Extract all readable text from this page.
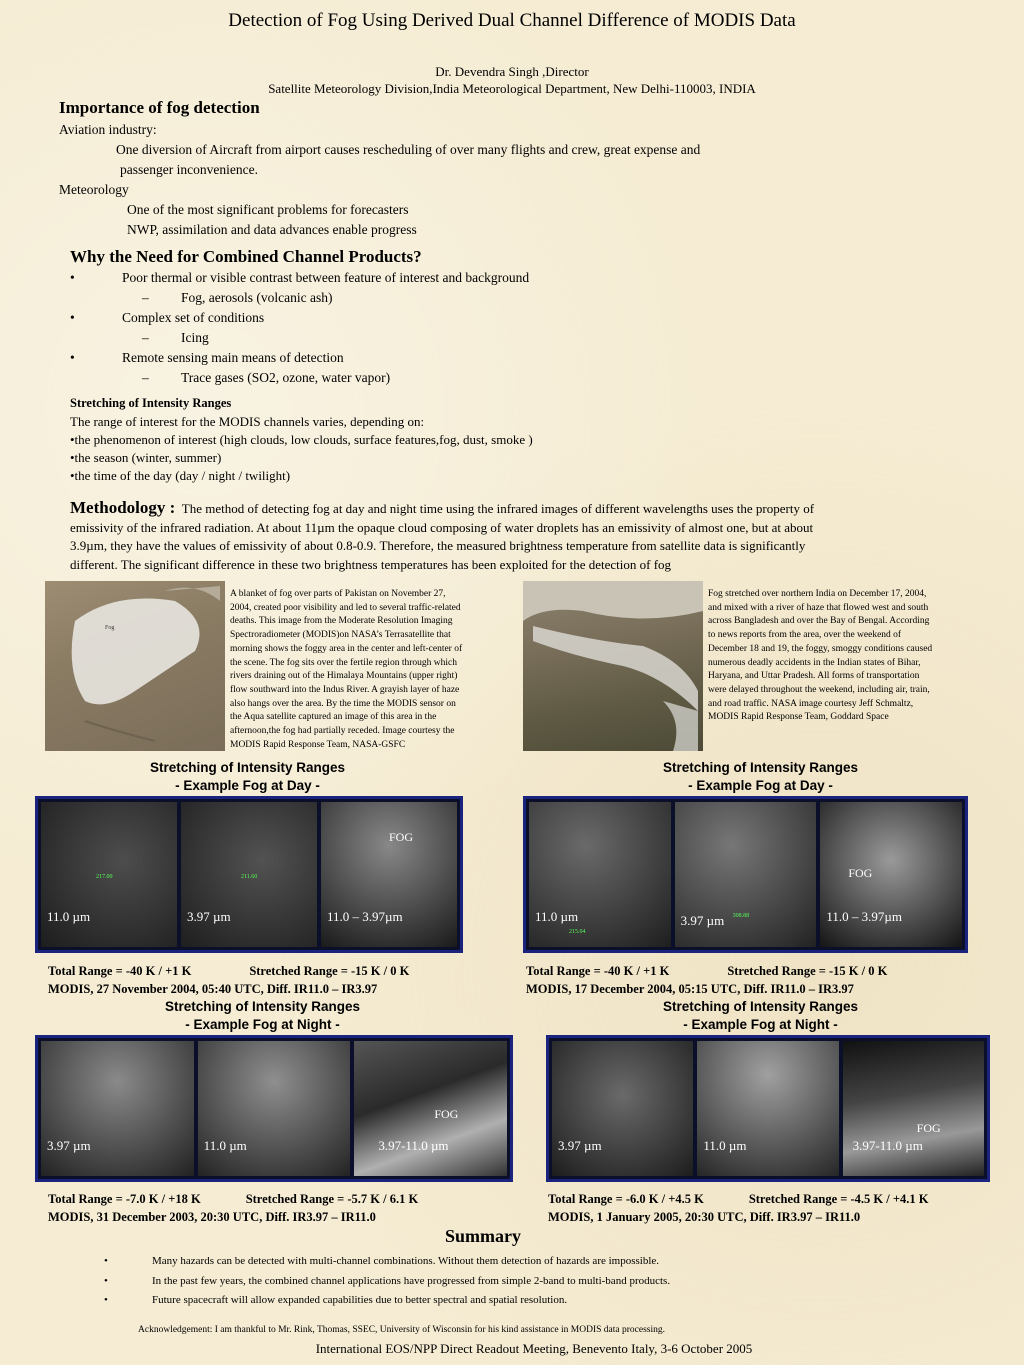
Detection of Fog Using Derived Dual Channel Difference of MODIS Data
Dr. Devendra Singh ,Director
Satellite Meteorology Division,India Meteorological Department, New Delhi-110003, INDIA
Importance of fog detection
Aviation industry:
One diversion of Aircraft from airport causes rescheduling of over many flights and crew, great expense and
passenger inconvenience.
Meteorology
One of the most significant problems for forecasters
NWP, assimilation and data advances enable progress
Why the Need for Combined Channel Products?
•	Poor thermal or visible contrast between feature of interest and background
–	Fog, aerosols (volcanic ash)
•	Complex set of conditions
–	Icing
•	Remote sensing main means of detection
–	Trace gases (SO2, ozone, water vapor)
Stretching of Intensity Ranges
The range of interest for the MODIS channels varies, depending on:
•the phenomenon of interest (high clouds, low clouds, surface features,fog, dust, smoke )
•the season (winter, summer)
•the time of the day (day / night / twilight)
Methodology : The method of detecting fog at day and night time using the infrared images of different wavelengths uses the property of
emissivity of the infrared radiation. At about 11µm the opaque cloud composing of water droplets has an emissivity of almost one, but at about
3.9µm, they have the values of emissivity of about 0.8-0.9. Therefore, the measured brightness temperature from satellite data is significantly
different. The significant difference in these two brightness temperatures has been exploited for the detection of fog
Fog
A blanket of fog over parts of Pakistan on November 27,
2004, created poor visibility and led to several traffic-related
deaths. This image from the Moderate Resolution Imaging
Spectroradiometer (MODIS)on NASA’s Terrasatellite that
morning shows the foggy area in the center and left-center of
the scene. The fog sits over the fertile region through which
rivers draining out of the Himalaya Mountains (upper right)
flow southward into the Indus River. A grayish layer of haze
also hangs over the area. By the time the MODIS sensor on
the Aqua satellite captured an image of this area in the
afternoon,the fog had partially receded. Image courtesy the
MODIS Rapid Response Team, NASA-GSFC
Fog stretched over northern India on December 17, 2004,
and mixed with a river of haze that flowed west and south
across Bangladesh and over the Bay of Bengal. According
to news reports from the area, over the weekend of
December 18 and 19, the foggy, smoggy conditions caused
numerous deadly accidents in the Indian states of Bihar,
Haryana, and Uttar Pradesh. All forms of transportation
were delayed throughout the weekend, including air, train,
and road traffic. NASA image courtesy Jeff Schmaltz,
MODIS Rapid Response Team, Goddard Space
Stretching of Intensity Ranges
- Example Fog at Day -
11.0 µm
217.00
3.97 µm
211.60
FOG
11.0 – 3.97µm
Total Range = -40 K / +1 K	Stretched Range = -15 K / 0 K
MODIS, 27 November 2004, 05:40 UTC, Diff. IR11.0 – IR3.97
Stretching of Intensity Ranges
- Example Fog at Day -
11.0 µm
215.04
3.97 µm 308.88
FOG
11.0 – 3.97µm
Total Range = -40 K / +1 K	Stretched Range = -15 K / 0 K
MODIS, 17 December 2004, 05:15 UTC, Diff. IR11.0 – IR3.97
Stretching of Intensity Ranges
- Example Fog at Night -
3.97 µm	11.0 µm
FOG
3.97-11.0 µm
Total Range = -7.0 K / +18 K	Stretched Range = -5.7 K / 6.1 K
MODIS, 31 December 2003, 20:30 UTC, Diff. IR3.97 – IR11.0
Stretching of Intensity Ranges
- Example Fog at Night -
3.97 µm	11.0 µm
FOG
3.97-11.0 µm
Total Range = -6.0 K / +4.5 K	Stretched Range = -4.5 K / +4.1 K
MODIS, 1 January 2005, 20:30 UTC, Diff. IR3.97 – IR11.0
Summary
•	Many hazards can be detected with multi-channel combinations. Without them detection of hazards are impossible.
•	In the past few years, the combined channel applications have progressed from simple 2-band to multi-band products.
•	Future spacecraft will allow expanded capabilities due to better spectral and spatial resolution.
Acknowledgement: I am thankful to Mr. Rink, Thomas, SSEC, University of Wisconsin for his kind assistance in MODIS data processing.
International EOS/NPP Direct Readout Meeting, Benevento Italy, 3-6 October 2005
